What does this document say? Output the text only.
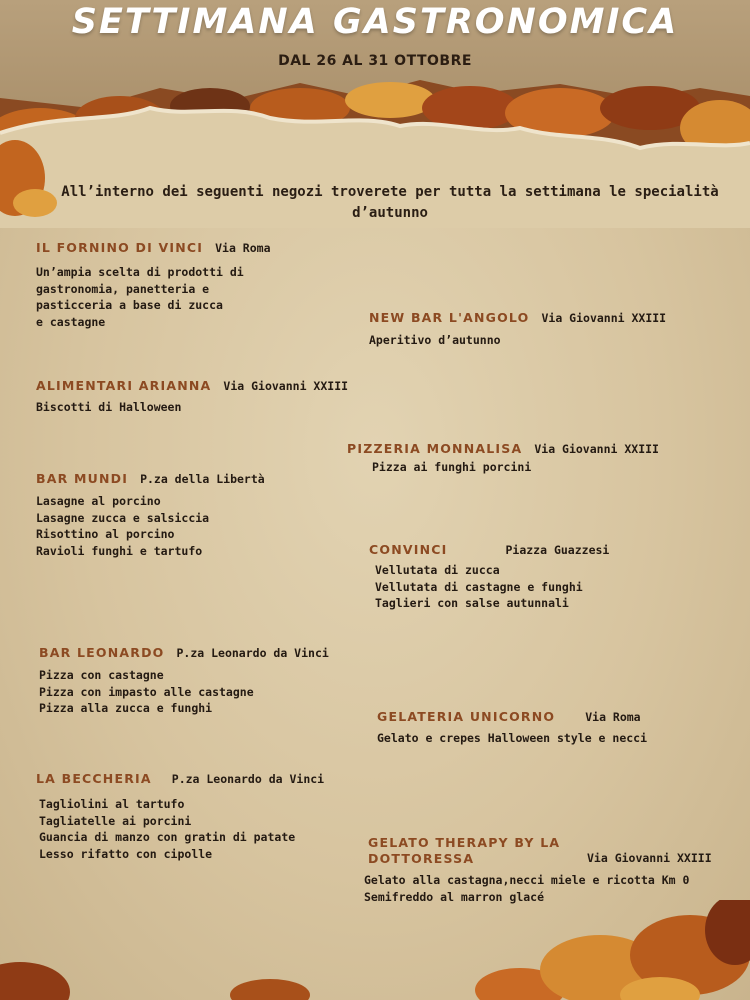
SETTIMANA GASTRONOMICA
DAL 26 AL 31 OTTOBRE
All’interno dei seguenti negozi troverete per tutta la settimana le specialità d’autunno
IL FORNINO DI VINCI Via Roma
Un’ampia scelta di prodotti di
gastronomia, panetteria e
pasticceria a base di zucca
e castagne	NEW BAR L'ANGOLO Via Giovanni XXIII
Aperitivo d’autunno
ALIMENTARI ARIANNA Via Giovanni XXIII
Biscotti di Halloween
PIZZERIA MONNALISA Via Giovanni XXIII
Pizza ai funghi porcini
BAR MUNDI P.za della Libertà
Lasagne al porcino
Lasagne zucca e salsiccia
Risottino al porcino
Ravioli funghi e tartufo	CONVINCI	Piazza Guazzesi
Vellutata di zucca
Vellutata di castagne e funghi
Taglieri con salse autunnali
BAR LEONARDO P.za Leonardo da Vinci
Pizza con castagne
Pizza con impasto alle castagne
Pizza alla zucca e funghi
GELATERIA UNICORNO	Via Roma
Gelato e crepes Halloween style e necci
LA BECCHERIA P.za Leonardo da Vinci
Tagliolini al tartufo
Tagliatelle ai porcini
Guancia di manzo con gratin di patate
Lesso rifatto con cipolle
GELATO THERAPY BY LA DOTTORESSA	Via Giovanni XXIII
Gelato alla castagna,necci miele e ricotta Km 0
Semifreddo al marron glacé
